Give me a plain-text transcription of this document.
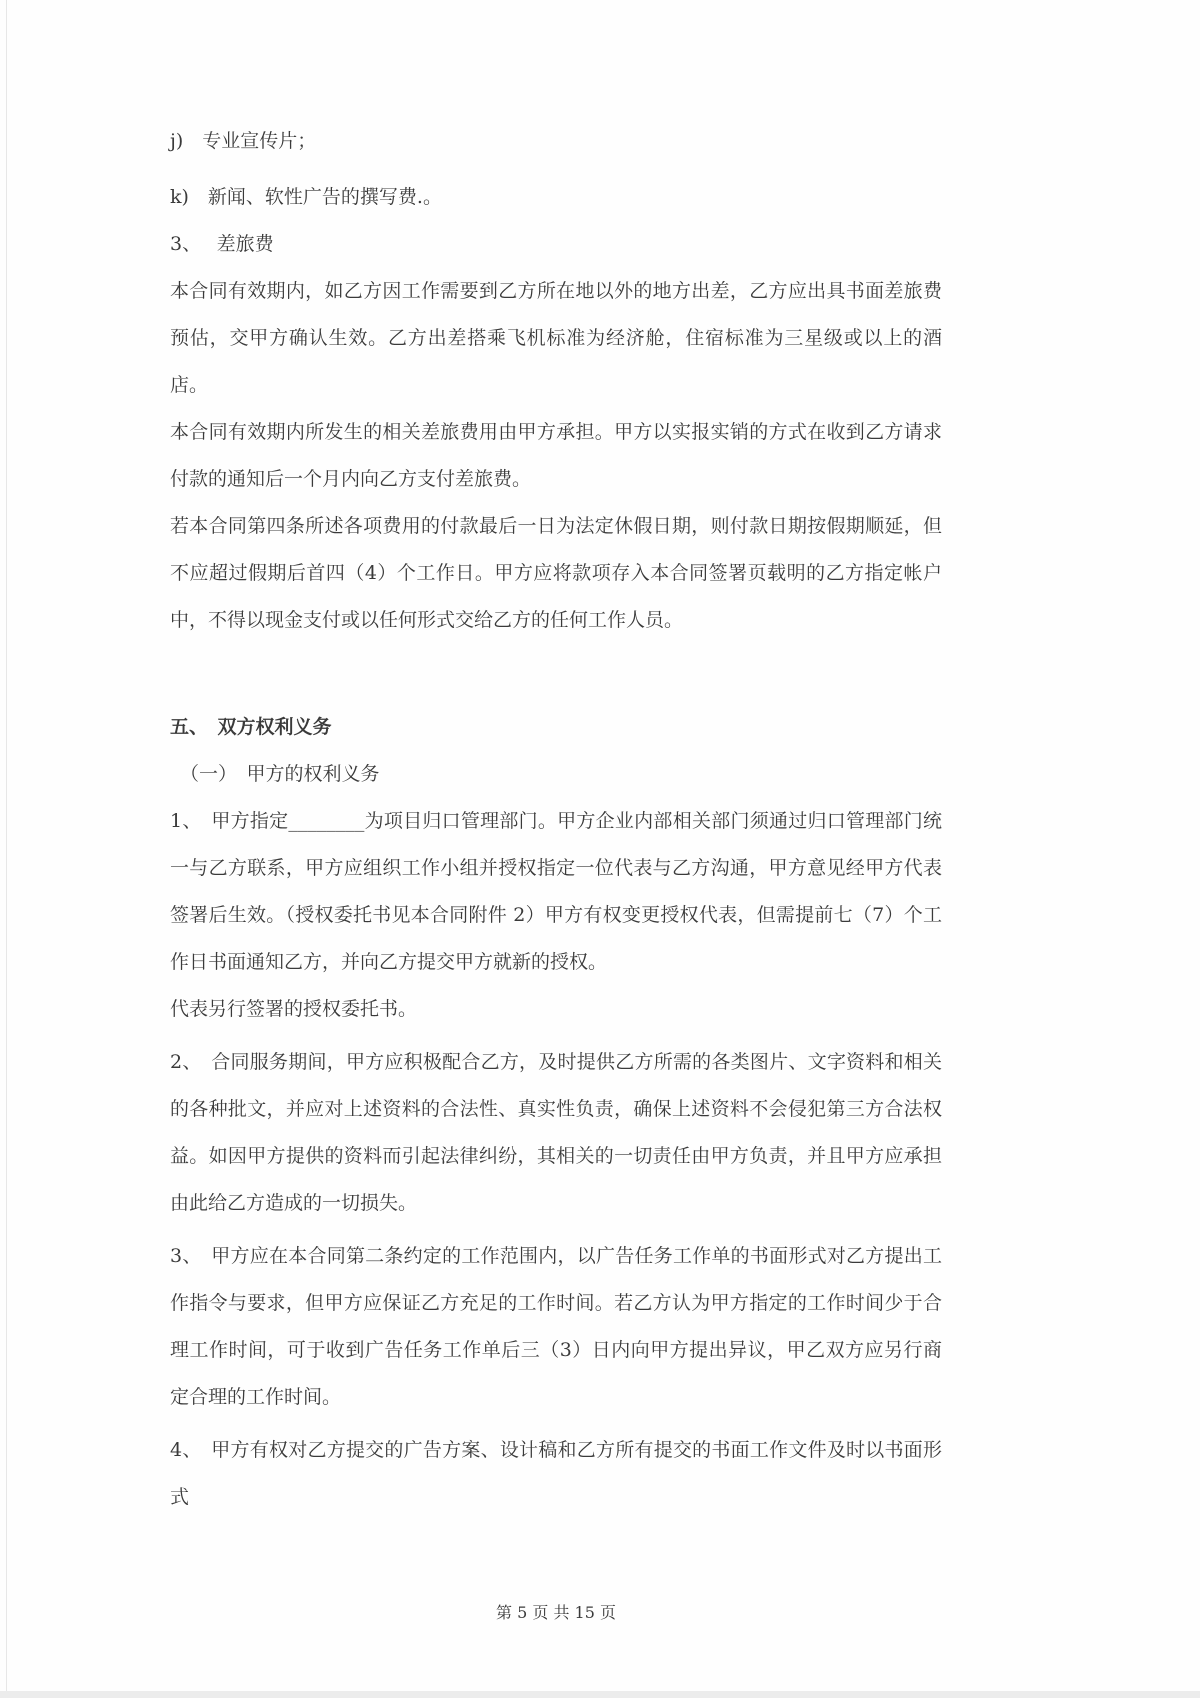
j)　专业宣传片；

k)　新闻、软性广告的撰写费.。

3、　 差旅费

本合同有效期内，如乙方因工作需要到乙方所在地以外的地方出差，乙方应出具书面差旅费预估，交甲方确认生效。乙方出差搭乘飞机标准为经济舱，住宿标准为三星级或以上的酒店。

本合同有效期内所发生的相关差旅费用由甲方承担。甲方以实报实销的方式在收到乙方请求付款的通知后一个月内向乙方支付差旅费。

若本合同第四条所述各项费用的付款最后一日为法定休假日期，则付款日期按假期顺延，但不应超过假期后首四（4）个工作日。甲方应将款项存入本合同签署页载明的乙方指定帐户中，不得以现金支付或以任何形式交给乙方的任何工作人员。

五、　双方权利义务

（一）　甲方的权利义务

1、　甲方指定________为项目归口管理部门。甲方企业内部相关部门须通过归口管理部门统一与乙方联系，甲方应组织工作小组并授权指定一位代表与乙方沟通，甲方意见经甲方代表签署后生效。（授权委托书见本合同附件 2）甲方有权变更授权代表，但需提前七（7）个工作日书面通知乙方，并向乙方提交甲方就新的授权。

代表另行签署的授权委托书。

2、　合同服务期间，甲方应积极配合乙方，及时提供乙方所需的各类图片、文字资料和相关的各种批文，并应对上述资料的合法性、真实性负责，确保上述资料不会侵犯第三方合法权益。如因甲方提供的资料而引起法律纠纷，其相关的一切责任由甲方负责，并且甲方应承担由此给乙方造成的一切损失。

3、　甲方应在本合同第二条约定的工作范围内，以广告任务工作单的书面形式对乙方提出工作指令与要求，但甲方应保证乙方充足的工作时间。若乙方认为甲方指定的工作时间少于合理工作时间，可于收到广告任务工作单后三（3）日内向甲方提出异议，甲乙双方应另行商定合理的工作时间。

4、　甲方有权对乙方提交的广告方案、设计稿和乙方所有提交的书面工作文件及时以书面形式

第 5 页 共 15 页
